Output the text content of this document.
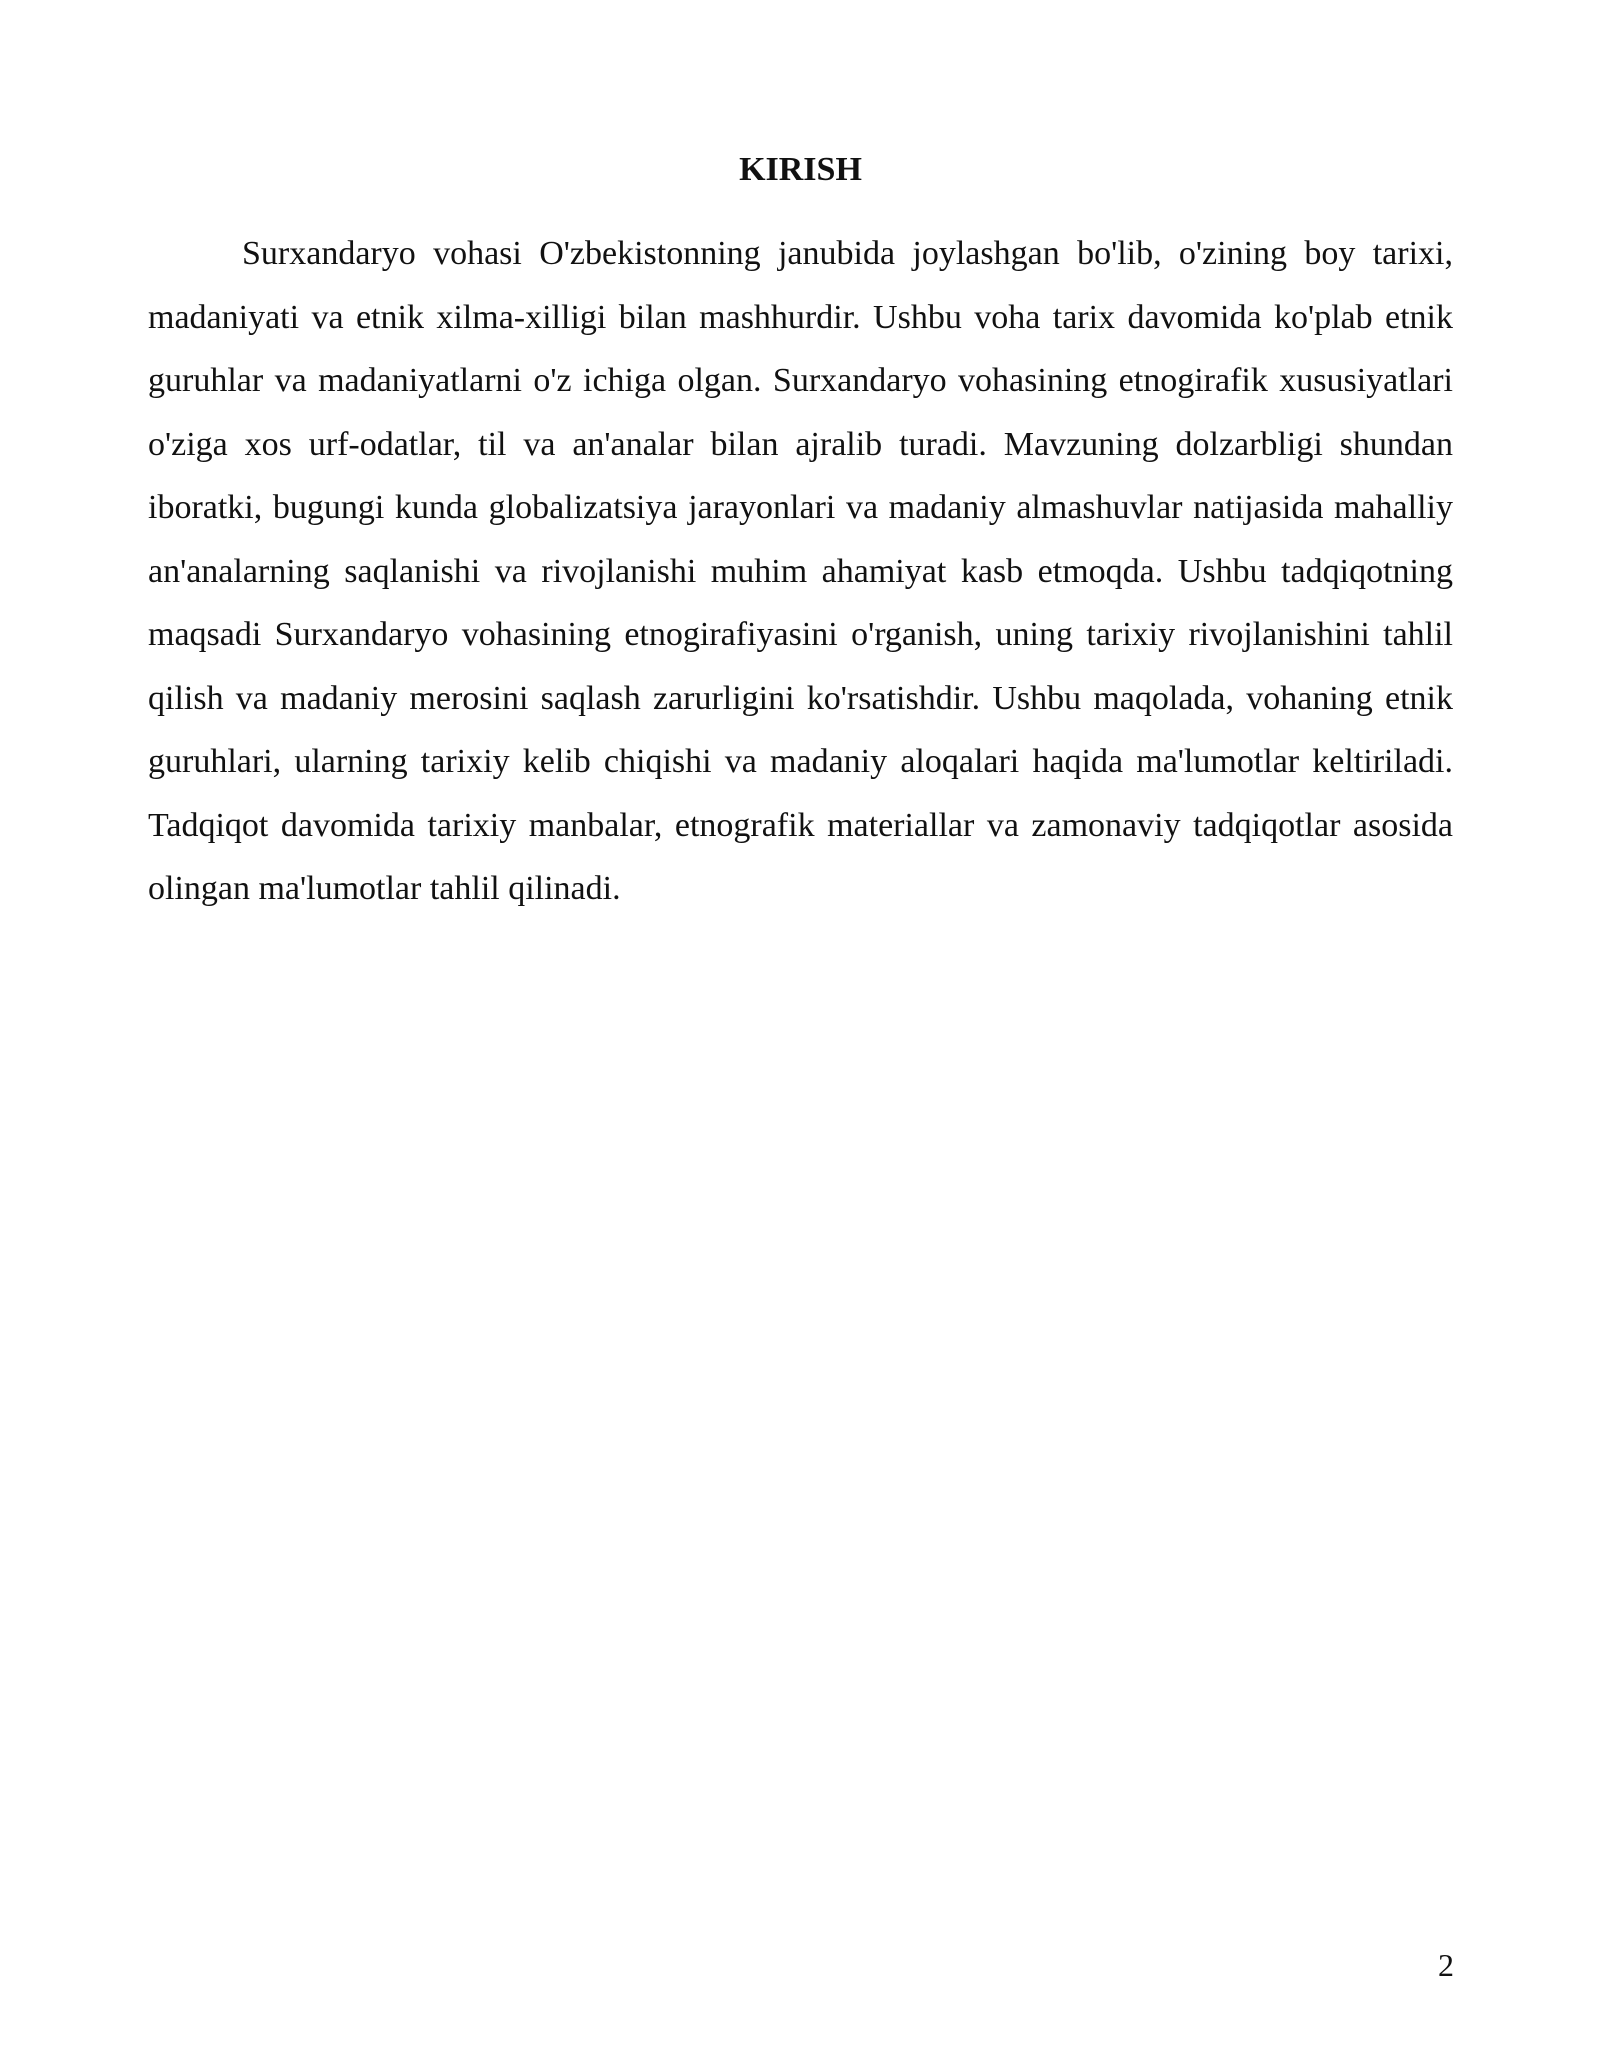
KIRISH

Surxandaryo vohasi O'zbekistonning janubida joylashgan bo'lib, o'zining boy tarixi, madaniyati va etnik xilma-xilligi bilan mashhurdir. Ushbu voha tarix davomida ko'plab etnik guruhlar va madaniyatlarni o'z ichiga olgan. Surxandaryo vohasining etnogirafik xususiyatlari o'ziga xos urf-odatlar, til va an'analar bilan ajralib turadi. Mavzuning dolzarbligi shundan iboratki, bugungi kunda globalizatsiya jarayonlari va madaniy almashuvlar natijasida mahalliy an'analarning saqlanishi va rivojlanishi muhim ahamiyat kasb etmoqda. Ushbu tadqiqotning maqsadi Surxandaryo vohasining etnogirafiyasini o'rganish, uning tarixiy rivojlanishini tahlil qilish va madaniy merosini saqlash zarurligini ko'rsatishdir. Ushbu maqolada, vohaning etnik guruhlari, ularning tarixiy kelib chiqishi va madaniy aloqalari haqida ma'lumotlar keltiriladi. Tadqiqot davomida tarixiy manbalar, etnografik materiallar va zamonaviy tadqiqotlar asosida olingan ma'lumotlar tahlil qilinadi.

2
